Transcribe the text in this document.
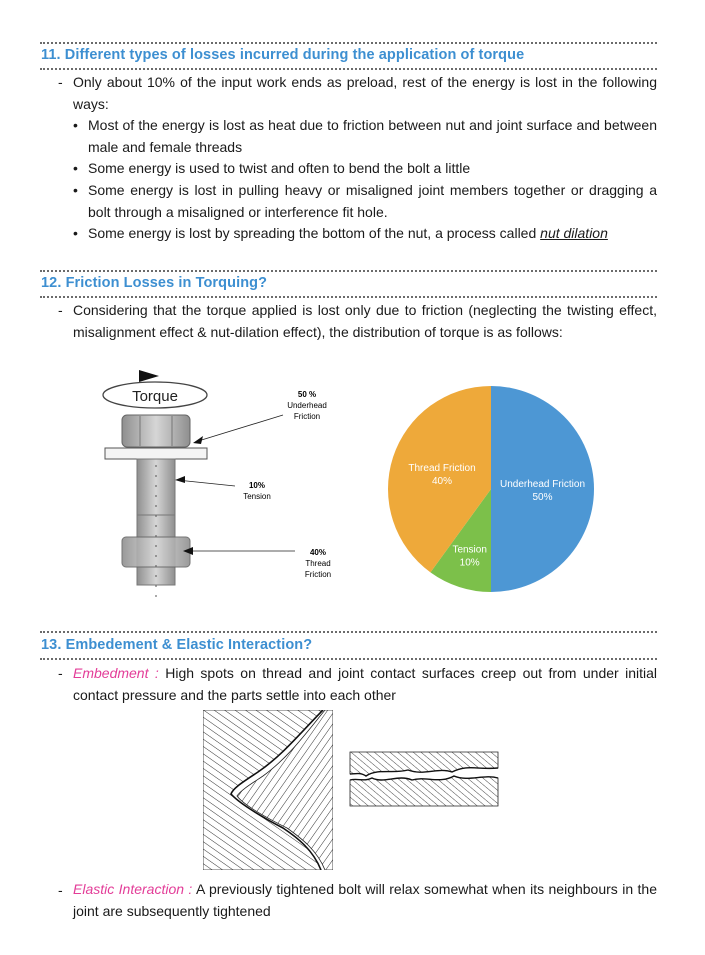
11. Different types of losses incurred during the application of torque
- Only about 10% of the input work ends as preload, rest of the energy is lost in the following ways:
• Most of the energy is lost as heat due to friction between nut and joint surface and between male and female threads
• Some energy is used to twist and often to bend the bolt a little
• Some energy is lost in pulling heavy or misaligned joint members together or dragging a bolt through a misaligned or interference fit hole.
• Some energy is lost by spreading the bottom of the nut, a process called nut dilation
12. Friction Losses in Torquing?
- Considering that the torque applied is lost only due to friction (neglecting the twisting effect, misalignment effect & nut-dilation effect), the distribution of torque is as follows:
Torque	50 %
Underhead
Friction
10%
Tension
40%
Thread
Friction
Underhead Friction
50%
Tension
10%
Thread Friction
40%
13. Embedement & Elastic Interaction?
- Embedment : High spots on thread and joint contact surfaces creep out from under initial contact pressure and the parts settle into each other
- Elastic Interaction : A previously tightened bolt will relax somewhat when its neighbours in the joint are subsequently tightened
